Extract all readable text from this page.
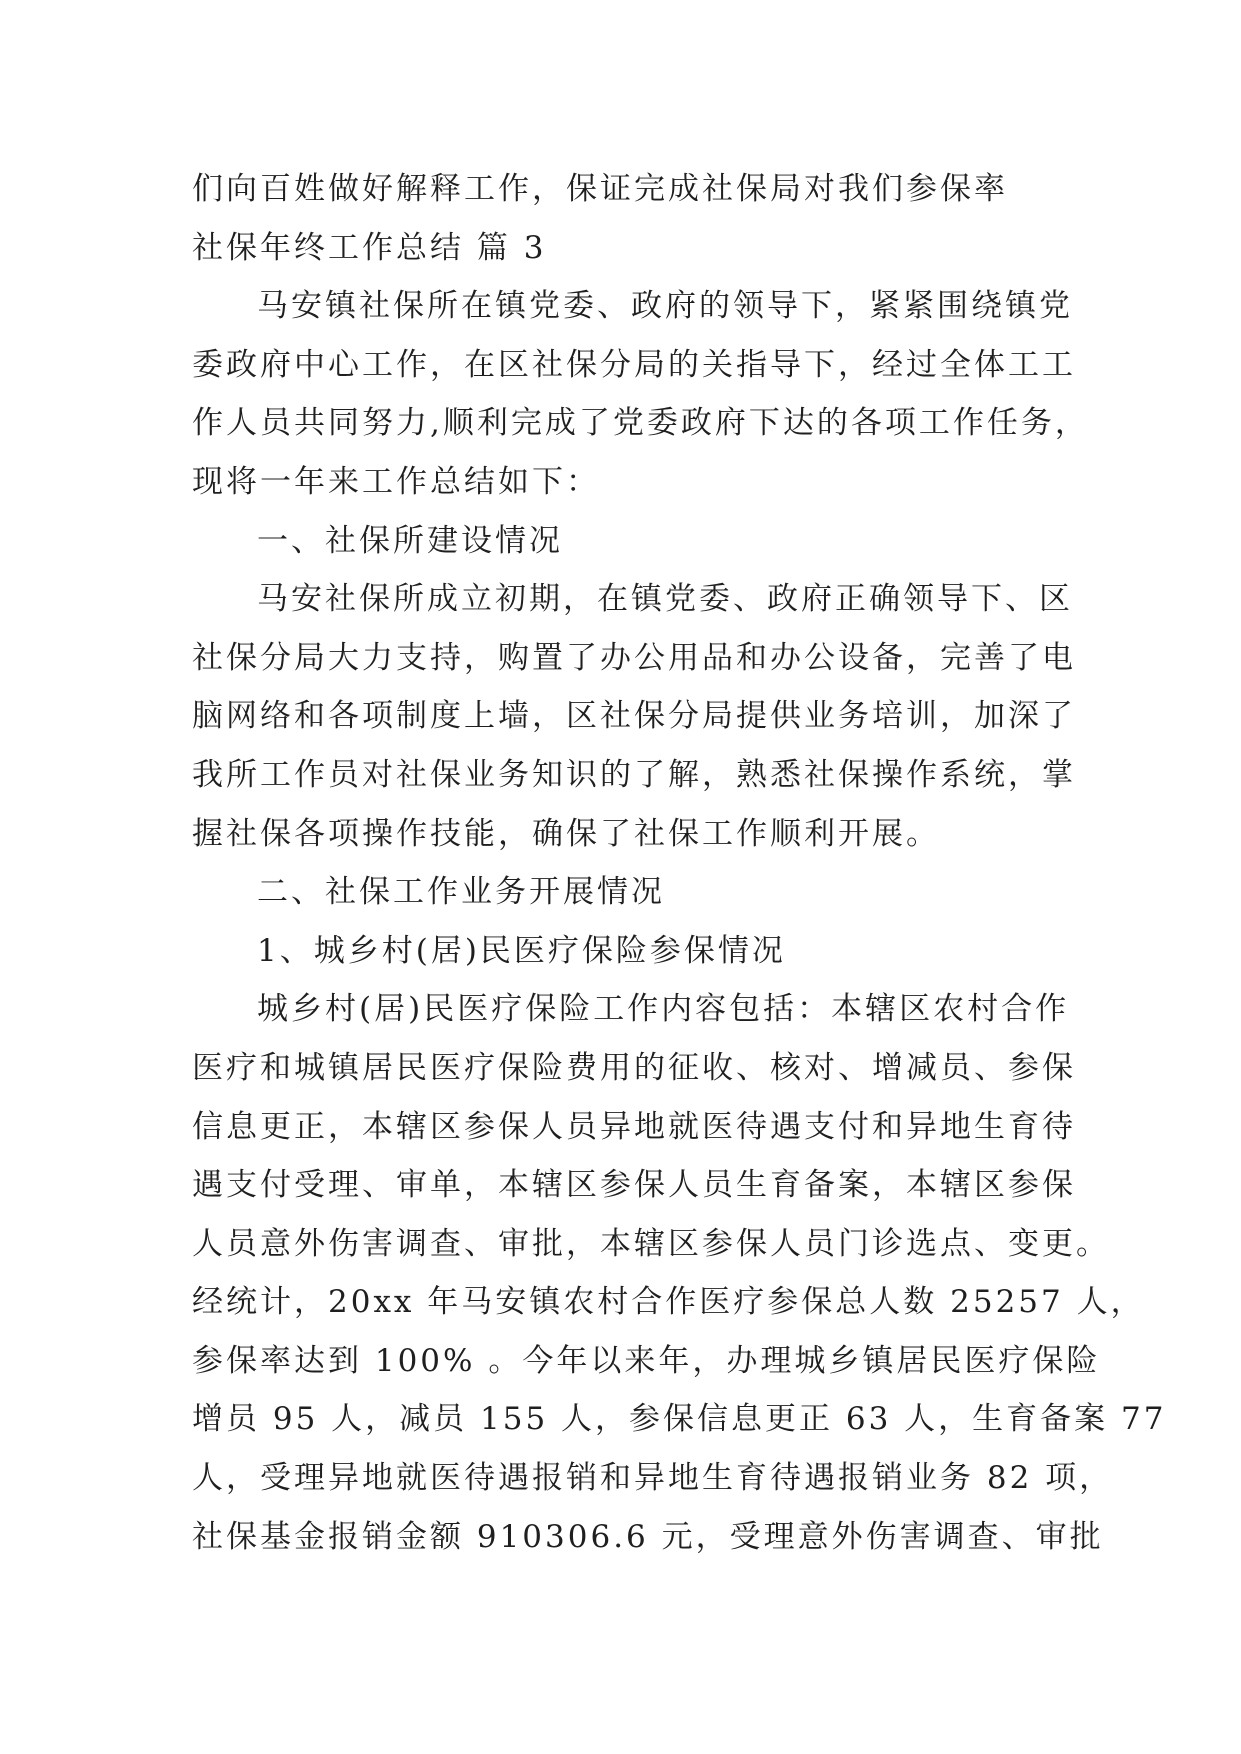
们向百姓做好解释工作，保证完成社保局对我们参保率
社保年终工作总结 篇 3
马安镇社保所在镇党委、政府的领导下，紧紧围绕镇党
委政府中心工作，在区社保分局的关指导下，经过全体工工
作人员共同努力,顺利完成了党委政府下达的各项工作任务，
现将一年来工作总结如下：
一、社保所建设情况
马安社保所成立初期，在镇党委、政府正确领导下、区
社保分局大力支持，购置了办公用品和办公设备，完善了电
脑网络和各项制度上墙，区社保分局提供业务培训，加深了
我所工作员对社保业务知识的了解，熟悉社保操作系统，掌
握社保各项操作技能，确保了社保工作顺利开展。
二、社保工作业务开展情况
1、城乡村(居)民医疗保险参保情况
城乡村(居)民医疗保险工作内容包括：本辖区农村合作
医疗和城镇居民医疗保险费用的征收、核对、增减员、参保
信息更正，本辖区参保人员异地就医待遇支付和异地生育待
遇支付受理、审单，本辖区参保人员生育备案，本辖区参保
人员意外伤害调查、审批，本辖区参保人员门诊选点、变更。
经统计，20xx 年马安镇农村合作医疗参保总人数 25257 人，
参保率达到 100% 。今年以来年，办理城乡镇居民医疗保险
增员 95 人，减员 155 人，参保信息更正 63 人，生育备案 77
人，受理异地就医待遇报销和异地生育待遇报销业务 82 项，
社保基金报销金额 910306.6 元，受理意外伤害调查、审批
